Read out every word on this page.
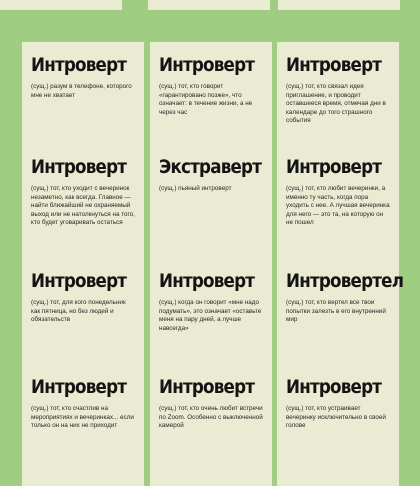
Интроверт
(сущ.) разум в телефоне, которого мне не хватает
Интроверт
(сущ.) тот, кто говорит «гарантировано позже», что означает: в течение жизни, а не через час
Интроверт
(сущ.) тот, кто связал идея приглашение, и проводит оставшееся время, отмечая дни в календаре до того страшного события
Интроверт
(сущ.) тот, кто уходит с вечеринок незаметно, как всегда. Главное — найти ближайший не охраняемый выход или не натолкнуться на того, кто будет уговаривать остаться
Экстраверт
(сущ.) пьяный интроверт
Интроверт
(сущ.) тот, кто любит вечеринки, а именно ту часть, когда пора уходить с нее. А лучшая вечеринка для него — это та, на которую он не пошел
Интроверт
(сущ.) тот, для кого понедельник как пятница, но без людей и обязательств
Интроверт
(сущ.) когда он говорит «мне надо подумать», это означает «оставьте меня на пару дней, а лучше навсегда»
Интровертел
(сущ.) тот, кто вертел все твои попытки залезть в его внутренний мир
Интроверт
(сущ.) тот, кто счастлив на мероприятиях и вечеринках... если только он на них не приходит
Интроверт
(сущ.) тот, кто очень любит встречи по Zoom. Особенно с выключенной камерой
Интроверт
(сущ.) тот, кто устраивает вечеринку исключительно в своей голове
